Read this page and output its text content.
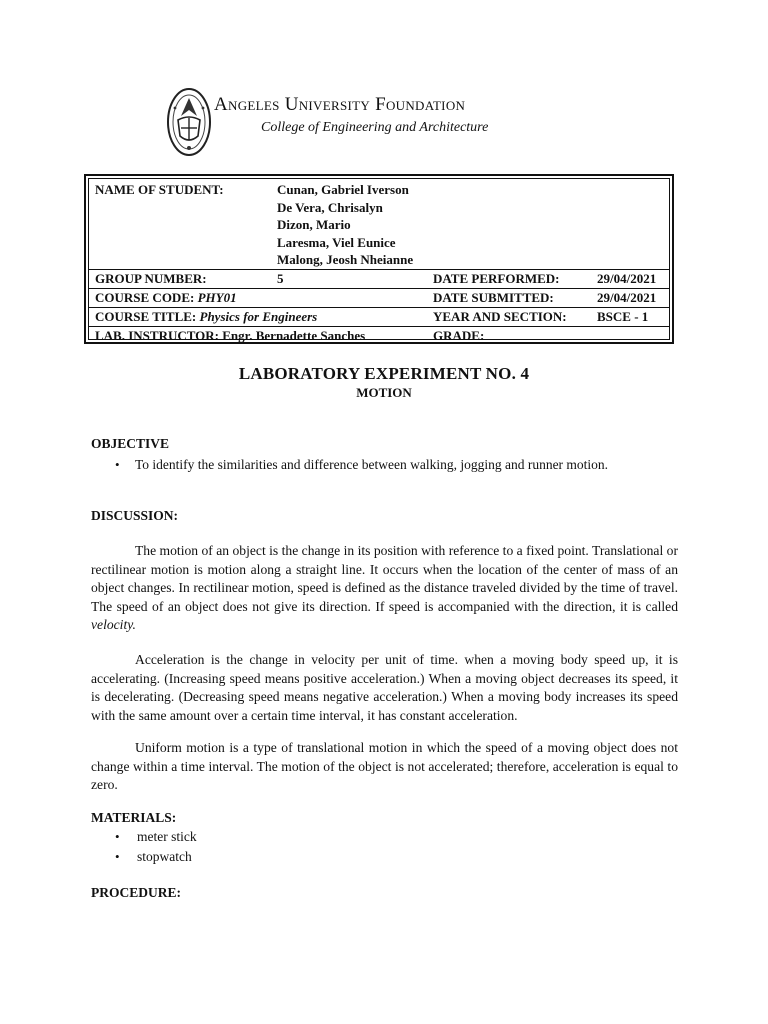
Angeles University Foundation
College of Engineering and Architecture
NAME OF STUDENT:	Cunan, Gabriel Iverson
De Vera, Chrisalyn
Dizon, Mario
Laresma, Viel Eunice
Malong, Jeosh Nheianne		

GROUP NUMBER:	5	DATE PERFORMED:	29/04/2021
COURSE CODE: PHY01		DATE SUBMITTED:	29/04/2021
COURSE TITLE: Physics for Engineers		YEAR AND SECTION:	BSCE - 1
LAB. INSTRUCTOR: Engr. Bernadette Sanches		GRADE:	
LABORATORY EXPERIMENT NO. 4
MOTION
OBJECTIVE
• To identify the similarities and difference between walking, jogging and runner motion.
DISCUSSION:
The motion of an object is the change in its position with reference to a fixed point. Translational or rectilinear motion is motion along a straight line. It occurs when the location of the center of mass of an object changes. In rectilinear motion, speed is defined as the distance traveled divided by the time of travel. The speed of an object does not give its direction. If speed is accompanied with the direction, it is called velocity.
Acceleration is the change in velocity per unit of time. when a moving body speed up, it is accelerating. (Increasing speed means positive acceleration.) When a moving object decreases its speed, it is decelerating. (Decreasing speed means negative acceleration.) When a moving body increases its speed with the same amount over a certain time interval, it has constant acceleration.
Uniform motion is a type of translational motion in which the speed of a moving object does not change within a time interval. The motion of the object is not accelerated; therefore, acceleration is equal to zero.
MATERIALS:
• meter stick
• stopwatch
PROCEDURE:
